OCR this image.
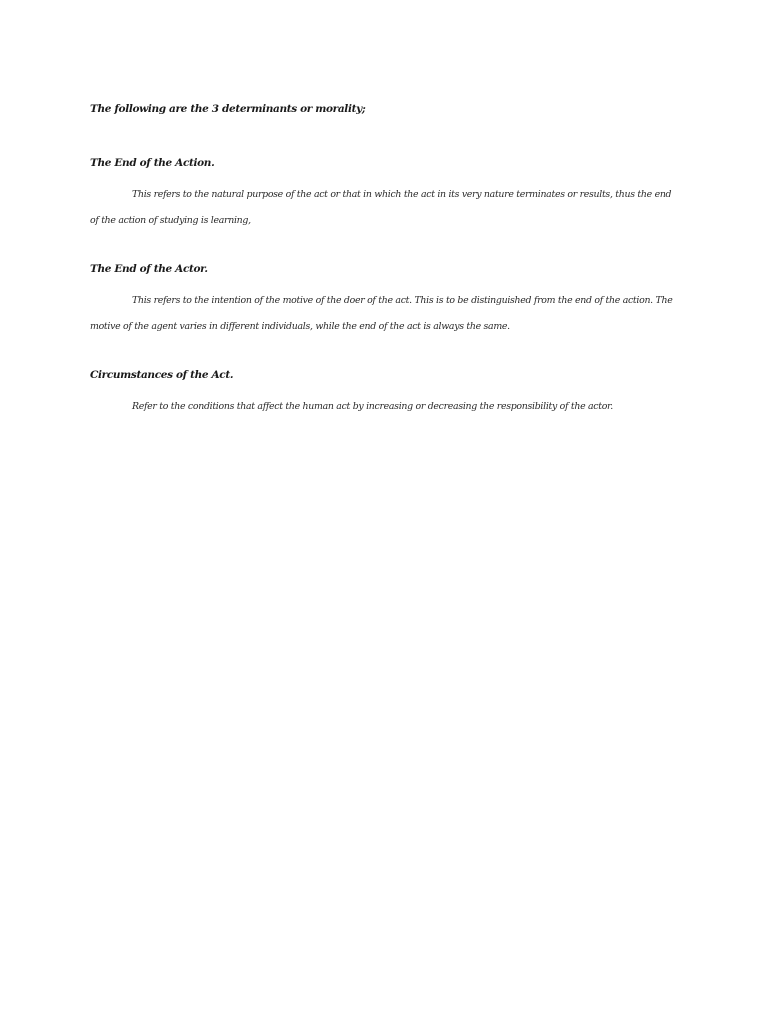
The following are the 3 determinants or morality;
The End of the Action.
This refers to the natural purpose of the act or that in which the act in its very nature terminates or results, thus the end of the action of studying is learning,
The End of the Actor.
This refers to the intention of the motive of the doer of the act. This is to be distinguished from the end of the action. The motive of the agent varies in different individuals, while the end of the act is always the same.
Circumstances of the Act.
Refer to the conditions that affect the human act by increasing or decreasing the responsibility of the actor.
